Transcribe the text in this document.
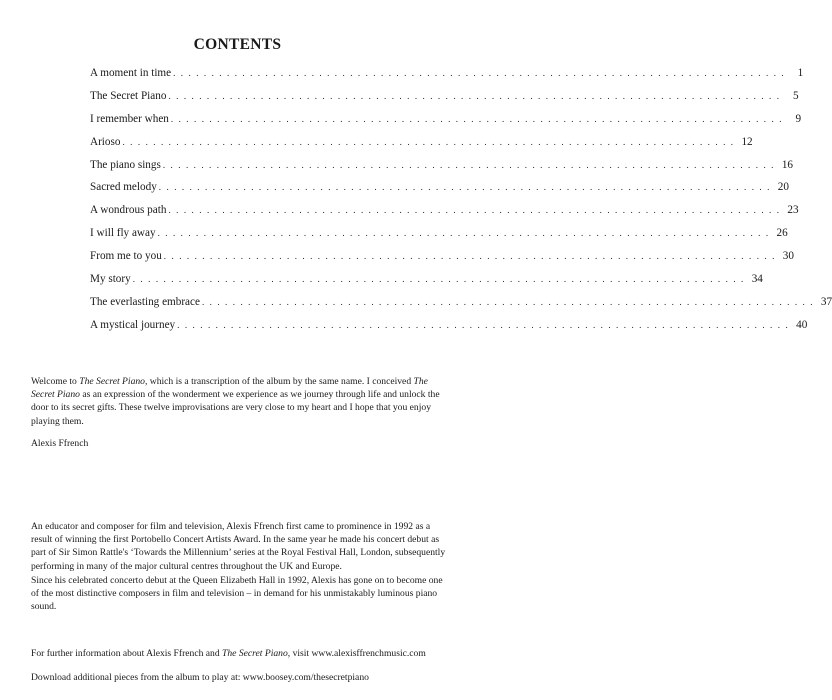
CONTENTS
A moment in time . . . . . . . . . . . . . . . . . . . . . . . . . . . . . . . . . . . . . . . . . . . . . . . . . . . . . . . . . . . . . . . . . . . . . . . . . . . . . . . .	1
The Secret Piano . . . . . . . . . . . . . . . . . . . . . . . . . . . . . . . . . . . . . . . . . . . . . . . . . . . . . . . . . . . . . . . . . . . . . . . . . . . . . . . .	5
I remember when . . . . . . . . . . . . . . . . . . . . . . . . . . . . . . . . . . . . . . . . . . . . . . . . . . . . . . . . . . . . . . . . . . . . . . . . . . . . . . . .	9
Arioso . . . . . . . . . . . . . . . . . . . . . . . . . . . . . . . . . . . . . . . . . . . . . . . . . . . . . . . . . . . . . . . . . . . . . . . . . . . . . . . . 12
The piano sings . . . . . . . . . . . . . . . . . . . . . . . . . . . . . . . . . . . . . . . . . . . . . . . . . . . . . . . . . . . . . . . . . . . . . . . . . . . . . . . . 16
Sacred melody . . . . . . . . . . . . . . . . . . . . . . . . . . . . . . . . . . . . . . . . . . . . . . . . . . . . . . . . . . . . . . . . . . . . . . . . . . . . . . . . 20
A wondrous path . . . . . . . . . . . . . . . . . . . . . . . . . . . . . . . . . . . . . . . . . . . . . . . . . . . . . . . . . . . . . . . . . . . . . . . . . . . . . . . . 23
I will fly away . . . . . . . . . . . . . . . . . . . . . . . . . . . . . . . . . . . . . . . . . . . . . . . . . . . . . . . . . . . . . . . . . . . . . . . . . . . . . . . . 26
From me to you . . . . . . . . . . . . . . . . . . . . . . . . . . . . . . . . . . . . . . . . . . . . . . . . . . . . . . . . . . . . . . . . . . . . . . . . . . . . . . . . 30
My story . . . . . . . . . . . . . . . . . . . . . . . . . . . . . . . . . . . . . . . . . . . . . . . . . . . . . . . . . . . . . . . . . . . . . . . . . . . . . . . . 34
The everlasting embrace . . . . . . . . . . . . . . . . . . . . . . . . . . . . . . . . . . . . . . . . . . . . . . . . . . . . . . . . . . . . . . . . . . . . . . . . . . . . . . . . 37
A mystical journey . . . . . . . . . . . . . . . . . . . . . . . . . . . . . . . . . . . . . . . . . . . . . . . . . . . . . . . . . . . . . . . . . . . . . . . . . . . . . . . . 40

Welcome to The Secret Piano, which is a transcription of the album by the same name. I conceived The Secret Piano as an expression of the wonderment we experience as we journey through life and unlock the door to its secret gifts. These twelve improvisations are very close to my heart and I hope that you enjoy playing them.

Alexis Ffrench

An educator and composer for film and television, Alexis Ffrench first came to prominence in 1992 as a result of winning the first Portobello Concert Artists Award. In the same year he made his concert debut as part of Sir Simon Rattle's ‘Towards the Millennium’ series at the Royal Festival Hall, London, subsequently performing in many of the major cultural centres throughout the UK and Europe.

Since his celebrated concerto debut at the Queen Elizabeth Hall in 1992, Alexis has gone on to become one of the most distinctive composers in film and television – in demand for his unmistakably luminous piano sound.

For further information about Alexis Ffrench and The Secret Piano, visit www.alexisffrenchmusic.com

Download additional pieces from the album to play at: www.boosey.com/thesecretpiano
